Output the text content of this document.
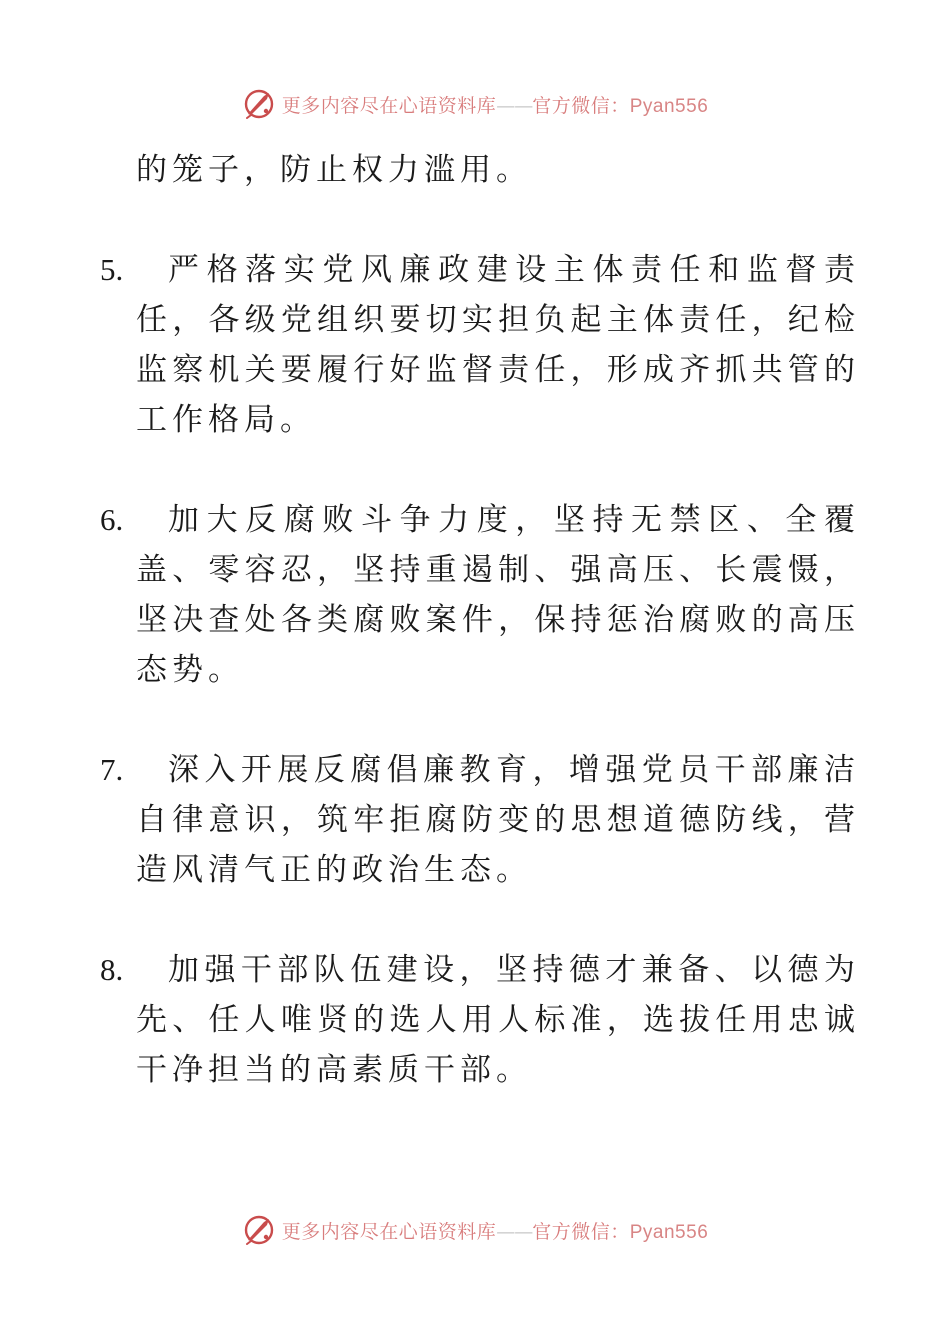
更多内容尽在心语资料库——官方微信：Pyan556

的笼子，防止权力滥用。

5.	严格落实党风廉政建设主体责任和监督责任，各级党组织要切实担负起主体责任，纪检监察机关要履行好监督责任，形成齐抓共管的工作格局。

6.	加大反腐败斗争力度，坚持无禁区、全覆盖、零容忍，坚持重遏制、强高压、长震慑，坚决查处各类腐败案件，保持惩治腐败的高压态势。

7.	深入开展反腐倡廉教育，增强党员干部廉洁自律意识，筑牢拒腐防变的思想道德防线，营造风清气正的政治生态。

8.	加强干部队伍建设，坚持德才兼备、以德为先、任人唯贤的选人用人标准，选拔任用忠诚干净担当的高素质干部。

更多内容尽在心语资料库——官方微信：Pyan556
